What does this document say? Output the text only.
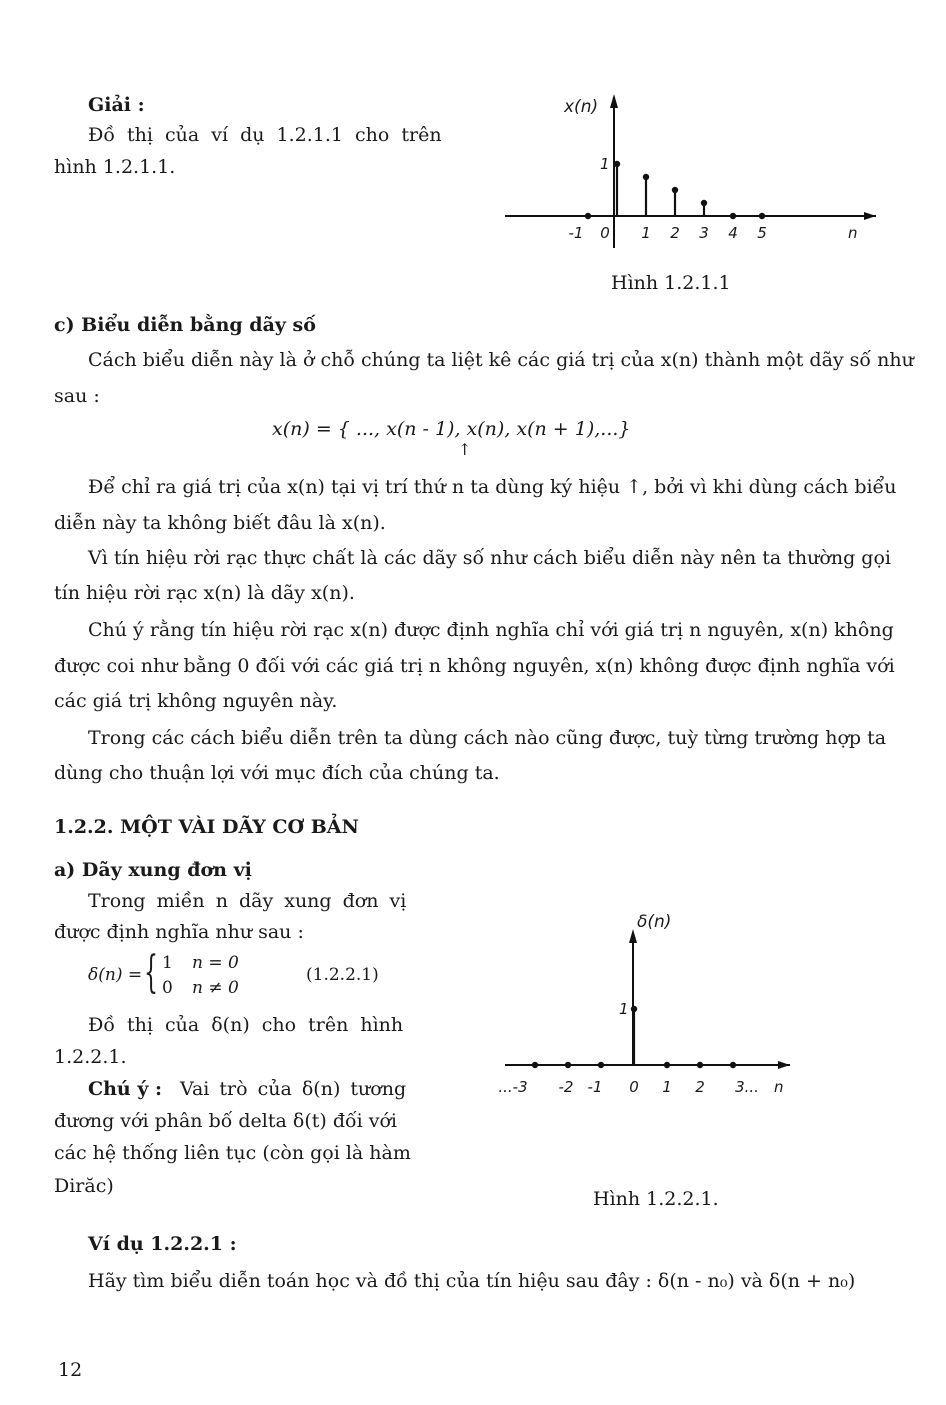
Giải :
Đồ thị của ví dụ 1.2.1.1 cho trên
hình 1.2.1.1.
x(n)
1
n
-1 0 1 2 3 4 5
Hình 1.2.1.1
c) Biểu diễn bằng dãy số
Cách biểu diễn này là ở chỗ chúng ta liệt kê các giá trị của x(n) thành một dãy số như
sau :
x(n) = { ..., x(n - 1), x(n), x(n + 1),...}
↑
Để chỉ ra giá trị của x(n) tại vị trí thứ n ta dùng ký hiệu ↑, bởi vì khi dùng cách biểu
diễn này ta không biết đâu là x(n).
Vì tín hiệu rời rạc thực chất là các dãy số như cách biểu diễn này nên ta thường gọi
tín hiệu rời rạc x(n) là dãy x(n).
Chú ý rằng tín hiệu rời rạc x(n) được định nghĩa chỉ với giá trị n nguyên, x(n) không
được coi như bằng 0 đối với các giá trị n không nguyên, x(n) không được định nghĩa với
các giá trị không nguyên này.
Trong các cách biểu diễn trên ta dùng cách nào cũng được, tuỳ từng trường hợp ta
dùng cho thuận lợi với mục đích của chúng ta.
1.2.2. MỘT VÀI DÃY CƠ BẢN
a) Dãy xung đơn vị
Trong miền n dãy xung đơn vị
được định nghĩa như sau :
δ(n) = { 1 n = 0
0 n ≠ 0
(1.2.2.1)
Đồ thị của δ(n) cho trên hình
1.2.2.1.
Chú ý : Vai trò của δ(n) tương
đương với phân bố delta δ(t) đối với
các hệ thống liên tục (còn gọi là hàm
Dirăc)
δ(n)
1
n
...-3 -2 -1 0 1 2 3...
Hình 1.2.2.1.
Ví dụ 1.2.2.1 :
Hãy tìm biểu diễn toán học và đồ thị của tín hiệu sau đây : δ(n - n₀) và δ(n + n₀)
12
